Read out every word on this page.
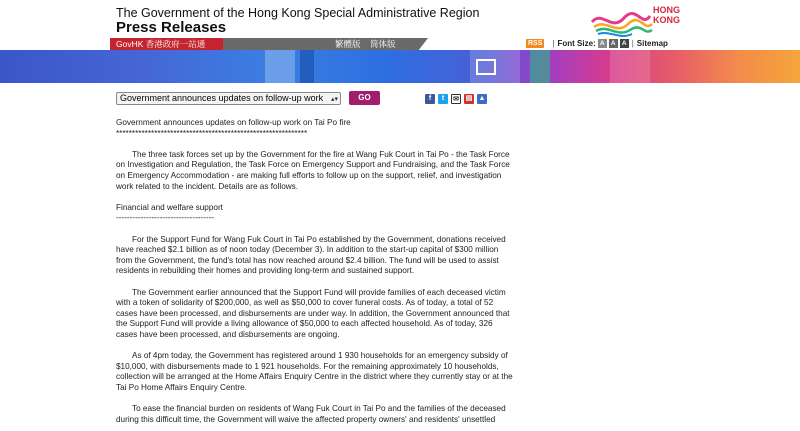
The Government of the Hong Kong Special Administrative Region
Press Releases
HONG
KONG
GovHK 香港政府一站通	繁體版 简体版	RSS | Font Size: A A A | Sitemap
Government announces updates on follow-up work ▴▾	GO	f	t	✉ ▤ ▲

Government announces updates on follow-up work on Tai Po fire

************************************************************

The three task forces set up by the Government for the fire at Wang Fuk Court in Tai Po - the Task Force on Investigation and Regulation, the Task Force on Emergency Support and Fundraising, and the Task Force on Emergency Accommodation - are making full efforts to follow up on the support, relief, and investigation work related to the incident. Details are as follows.

Financial and welfare support

------------------------------------

For the Support Fund for Wang Fuk Court in Tai Po established by the Government, donations received have reached $2.1 billion as of noon today (December 3). In addition to the start-up capital of $300 million from the Government, the fund's total has now reached around $2.4 billion. The fund will be used to assist residents in rebuilding their homes and providing long-term and sustained support.

The Government earlier announced that the Support Fund will provide families of each deceased victim with a token of solidarity of $200,000, as well as $50,000 to cover funeral costs. As of today, a total of 52 cases have been processed, and disbursements are under way. In addition, the Government announced that the Support Fund will provide a living allowance of $50,000 to each affected household. As of today, 326 cases have been processed, and disbursements are ongoing.

As of 4pm today, the Government has registered around 1 930 households for an emergency subsidy of $10,000, with disbursements made to 1 921 households. For the remaining approximately 10 households, collection will be arranged at the Home Affairs Enquiry Centre in the district where they currently stay or at the Tai Po Home Affairs Enquiry Centre.

To ease the financial burden on residents of Wang Fuk Court in Tai Po and the families of the deceased during this difficult time, the Government will waive the affected property owners' and residents' unsettled
